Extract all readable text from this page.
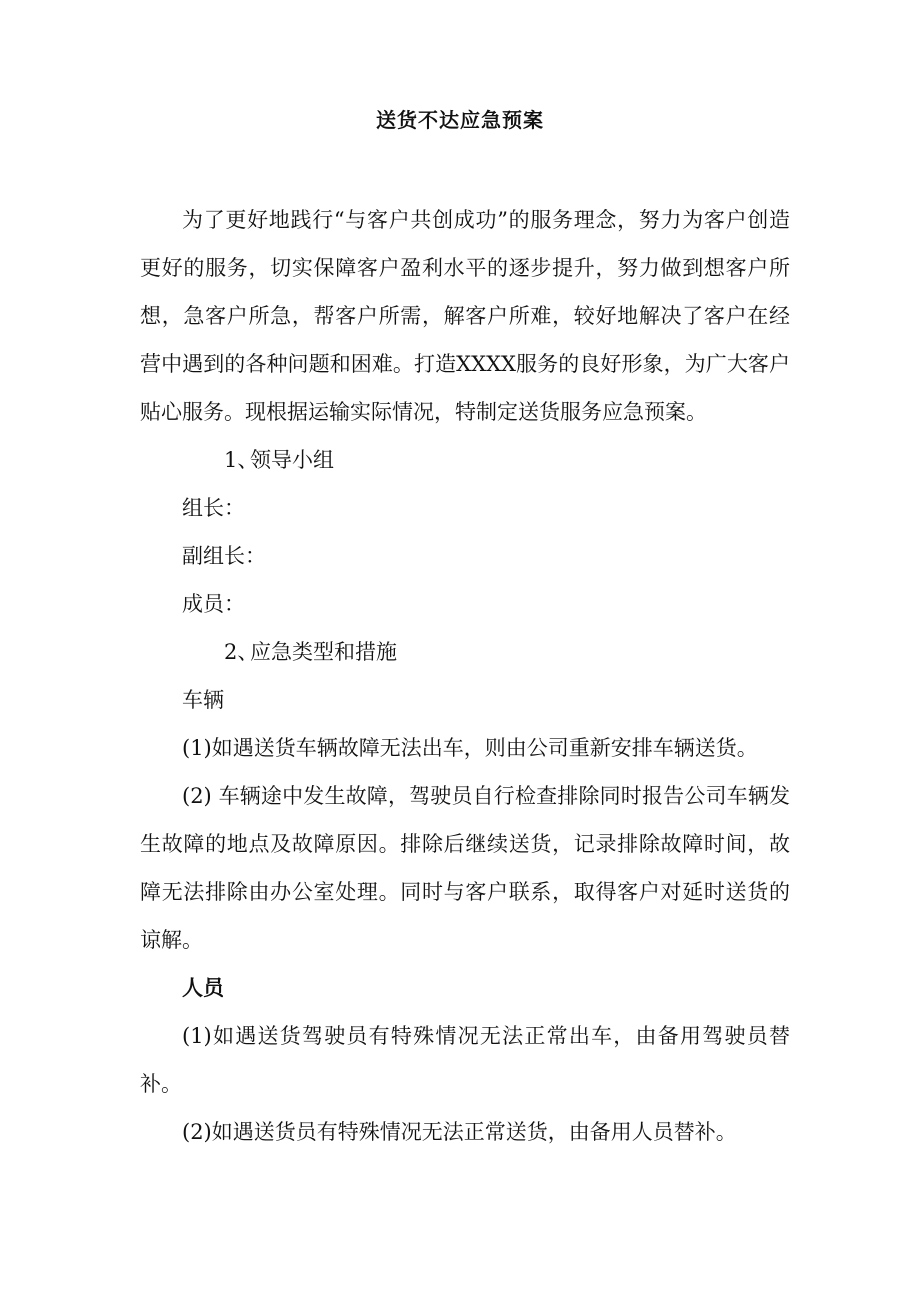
送货不达应急预案

为了更好地践行“与客户共创成功”的服务理念，努力为客户创造更好的服务，切实保障客户盈利水平的逐步提升，努力做到想客户所想，急客户所急，帮客户所需，解客户所难，较好地解决了客户在经营中遇到的各种问题和困难。打造XXXX服务的良好形象，为广大客户贴心服务。现根据运输实际情况，特制定送货服务应急预案。

1、领导小组

组长：

副组长：

成员：

2、应急类型和措施

车辆

(1)如遇送货车辆故障无法出车，则由公司重新安排车辆送货。

(2) 车辆途中发生故障，驾驶员自行检查排除同时报告公司车辆发生故障的地点及故障原因。排除后继续送货，记录排除故障时间，故障无法排除由办公室处理。同时与客户联系，取得客户对延时送货的谅解。

人员

(1)如遇送货驾驶员有特殊情况无法正常出车，由备用驾驶员替补。

(2)如遇送货员有特殊情况无法正常送货，由备用人员替补。
